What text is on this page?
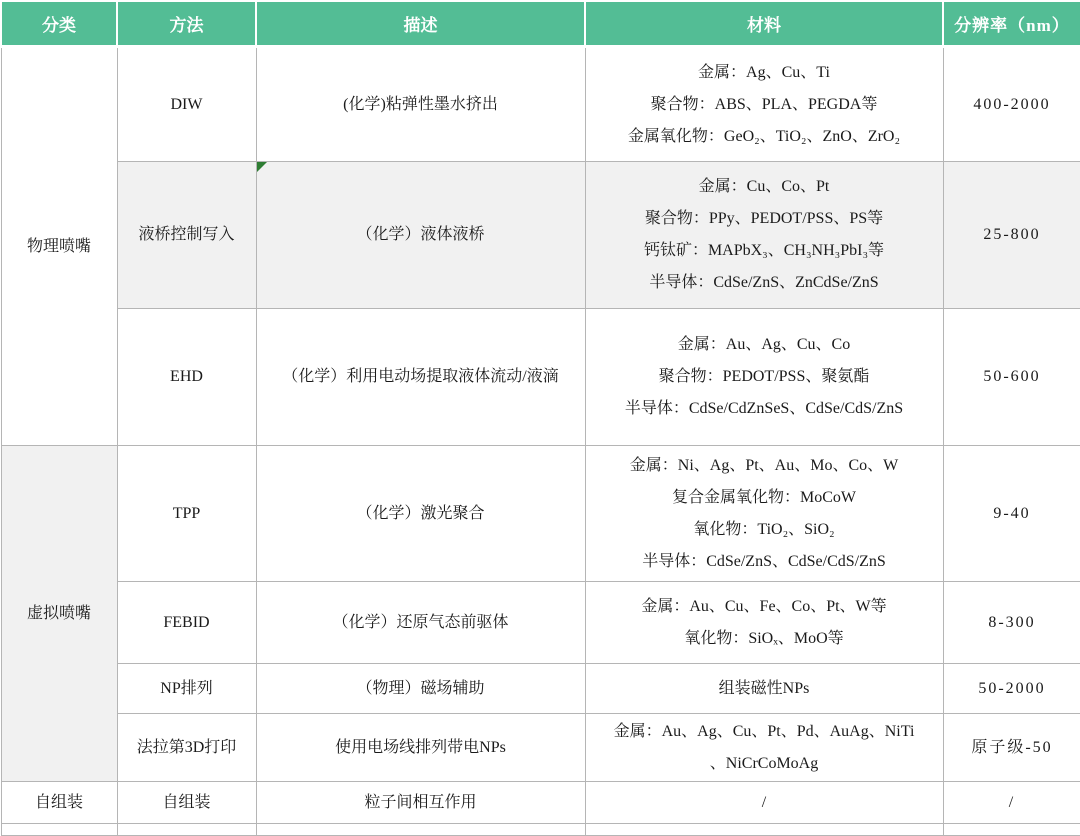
分类	方法	描述	材料	分辨率（nm）
物理喷嘴	DIW	(化学)粘弹性墨水挤出	金属：Ag、Cu、Ti
聚合物：ABS、PLA、PEGDA等
金属氧化物：GeO₂、TiO₂、ZnO、ZrO₂	400-2000
	液桥控制写入	（化学）液体液桥	金属：Cu、Co、Pt
聚合物：PPy、PEDOT/PSS、PS等
钙钛矿：MAPbX₃、CH₃NH₃PbI₃等
半导体：CdSe/ZnS、ZnCdSe/ZnS	25-800
	EHD	（化学）利用电动场提取液体流动/液滴	金属：Au、Ag、Cu、Co
聚合物：PEDOT/PSS、聚氨酯
半导体：CdSe/CdZnSeS、CdSe/CdS/ZnS	50-600
虚拟喷嘴	TPP	（化学）激光聚合	金属：Ni、Ag、Pt、Au、Mo、Co、W
复合金属氧化物：MoCoW
氧化物：TiO₂、SiO₂
半导体：CdSe/ZnS、CdSe/CdS/ZnS	9-40
	FEBID	（化学）还原气态前驱体	金属：Au、Cu、Fe、Co、Pt、W等
氧化物：SiOₓ、MoO等	8-300
	NP排列	（物理）磁场辅助	组装磁性NPs	50-2000
	法拉第3D打印	使用电场线排列带电NPs	金属：Au、Ag、Cu、Pt、Pd、AuAg、NiTi
、NiCrCoMoAg	原子级-50
自组装	自组装	粒子间相互作用	/	/
